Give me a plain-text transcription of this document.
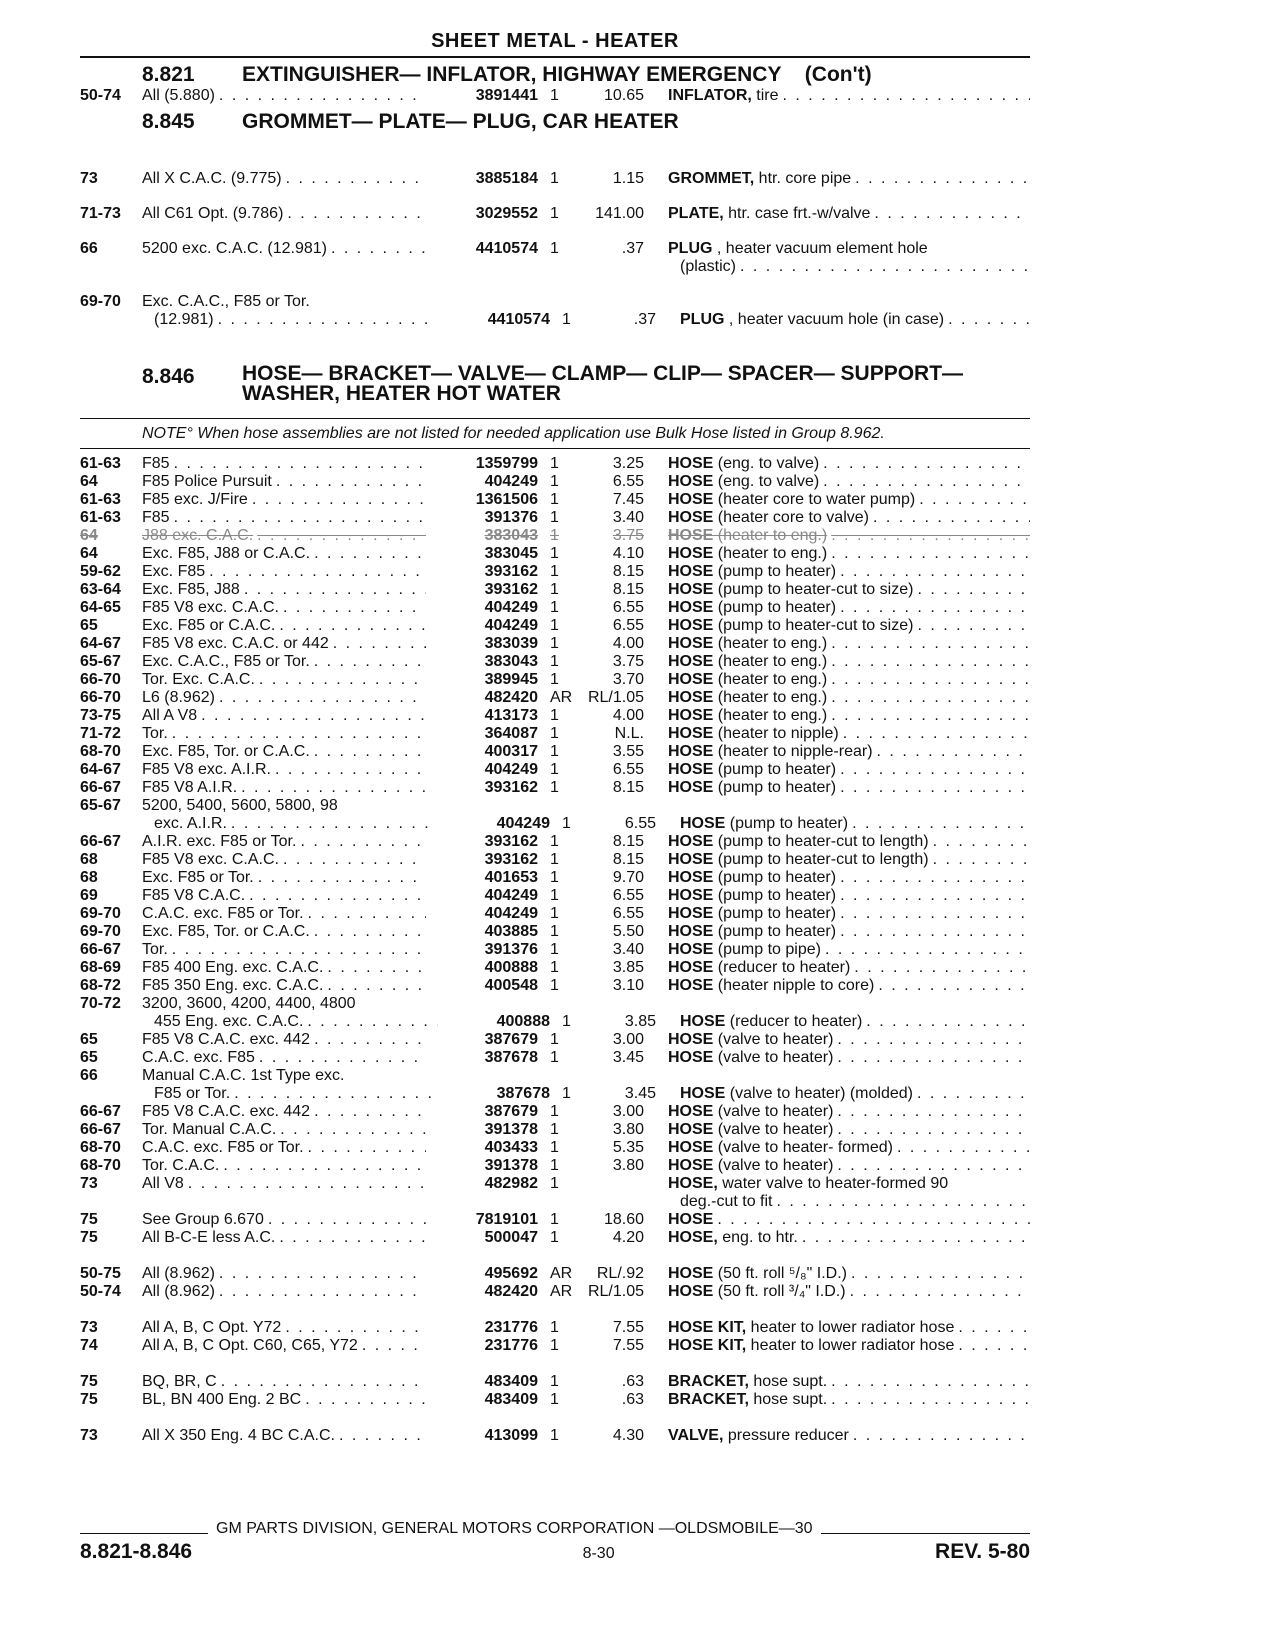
SHEET METAL - HEATER
8.821	EXTINGUISHER— INFLATOR, HIGHWAY EMERGENCY (Con't)
50-74	All (5.880) . . .	3891441 1	10.65 INFLATOR, tire
. . .
8.845	GROMMET— PLATE— PLUG, CAR HEATER
73	All X C.A.C. (9.775) . . .	3885184 1	1.15 GROMMET, htr. core pipe
. . .
71-73	All C61 Opt. (9.786) . . .	3029552 1	141.00 PLATE, htr. case frt.-w/valve
. . .
66	5200 exc. C.A.C. (12.981) . . .	4410574 1	.37 PLUG , heater vacuum element hole
(plastic)
. . .
69-70	Exc. C.A.C., F85 or Tor.
(12.981) . . .	4410574 1	.37 PLUG , heater vacuum hole (in case)
. . .
8.846	HOSE— BRACKET— VALVE— CLAMP— CLIP— SPACER— SUPPORT—
WASHER, HEATER HOT WATER
NOTE° When hose assemblies are not listed for needed application use Bulk Hose listed in Group 8.962.
61-63	F85 . . .	1359799 1	3.25 HOSE (eng. to valve)
. . .
64	F85 Police Pursuit . . .	404249 1	6.55 HOSE (eng. to valve)
. . .
61-63	F85 exc. J/Fire . . .	1361506 1	7.45 HOSE (heater core to water pump)
. . .
61-63	F85 . . .	391376 1	3.40 HOSE (heater core to valve)
. . .
64	J88 exc. C.A.C. . . .	383043 1	3.75 HOSE (heater to eng.)
. . .
64	Exc. F85, J88 or C.A.C. . . .	383045 1	4.10 HOSE (heater to eng.)
. . .
59-62	Exc. F85 . . .	393162 1	8.15 HOSE (pump to heater)
. . .
63-64	Exc. F85, J88 . . .	393162 1	8.15 HOSE (pump to heater-cut to size)
. . .
64-65	F85 V8 exc. C.A.C. . . .	404249 1	6.55 HOSE (pump to heater)
. . .
65	Exc. F85 or C.A.C. . . .	404249 1	6.55 HOSE (pump to heater-cut to size)
. . .
64-67	F85 V8 exc. C.A.C. or 442 . . .	383039 1	4.00 HOSE (heater to eng.)
. . .
65-67	Exc. C.A.C., F85 or Tor. . . .	383043 1	3.75 HOSE (heater to eng.)
. . .
66-70	Tor. Exc. C.A.C. . . .	389945 1	3.70 HOSE (heater to eng.)
. . .
66-70	L6 (8.962) . . .	482420 AR RL/1.05 HOSE (heater to eng.)
. . .
73-75	All A V8 . . .	413173 1	4.00 HOSE (heater to eng.)
. . .
71-72	Tor. . . .	364087 1	N.L. HOSE (heater to nipple)
. . .
68-70	Exc. F85, Tor. or C.A.C. . . .	400317 1	3.55 HOSE (heater to nipple-rear)
. . .
64-67	F85 V8 exc. A.I.R. . . .	404249 1	6.55 HOSE (pump to heater)
. . .
66-67	F85 V8 A.I.R. . . .	393162 1	8.15 HOSE (pump to heater)
. . .
65-67	5200, 5400, 5600, 5800, 98
exc. A.I.R. . . .	404249 1	6.55 HOSE (pump to heater)
. . .
66-67	A.I.R. exc. F85 or Tor. . . .	393162 1	8.15 HOSE (pump to heater-cut to length)
. . .
68	F85 V8 exc. C.A.C. . . .	393162 1	8.15 HOSE (pump to heater-cut to length)
. . .
68	Exc. F85 or Tor. . . .	401653 1	9.70 HOSE (pump to heater)
. . .
69	F85 V8 C.A.C. . . .	404249 1	6.55 HOSE (pump to heater)
. . .
69-70	C.A.C. exc. F85 or Tor. . . .	404249 1	6.55 HOSE (pump to heater)
. . .
69-70	Exc. F85, Tor. or C.A.C. . . .	403885 1	5.50 HOSE (pump to heater)
. . .
66-67	Tor. . . .	391376 1	3.40 HOSE (pump to pipe)
. . .
68-69	F85 400 Eng. exc. C.A.C. . . .	400888 1	3.85 HOSE (reducer to heater)
. . .
68-72	F85 350 Eng. exc. C.A.C. . . .	400548 1	3.10 HOSE (heater nipple to core)
. . .
70-72	3200, 3600, 4200, 4400, 4800
455 Eng. exc. C.A.C. . . .	400888 1	3.85 HOSE (reducer to heater)
. . .
65	F85 V8 C.A.C. exc. 442 . . .	387679 1	3.00 HOSE (valve to heater)
. . .
65	C.A.C. exc. F85 . . .	387678 1	3.45 HOSE (valve to heater)
. . .
66	Manual C.A.C. 1st Type exc.
F85 or Tor. . . .	387678 1	3.45 HOSE (valve to heater) (molded)
. . .
66-67	F85 V8 C.A.C. exc. 442 . . .	387679 1	3.00 HOSE (valve to heater)
. . .
66-67	Tor. Manual C.A.C. . . .	391378 1	3.80 HOSE (valve to heater)
. . .
68-70	C.A.C. exc. F85 or Tor. . . .	403433 1	5.35 HOSE (valve to heater- formed)
. . .
68-70	Tor. C.A.C. . . .	391378 1	3.80 HOSE (valve to heater)
. . .
73	All V8 . . .	482982 1	HOSE, water valve to heater-formed 90
deg.-cut to fit
. . .
75	See Group 6.670 . . .	7819101 1	18.60 HOSE
. . .
75	All B-C-E less A.C. . . .	500047 1	4.20 HOSE, eng. to htr.
. . .
50-75	All (8.962) . . .	495692 AR	RL/.92 HOSE (50 ft. roll ⁵/₈" I.D.)
. . .
50-74	All (8.962) . . .	482420 AR RL/1.05 HOSE (50 ft. roll ³/₄" I.D.)
. . .
73	All A, B, C Opt. Y72 . . .	231776 1	7.55 HOSE KIT, heater to lower radiator hose
. . .
74	All A, B, C Opt. C60, C65, Y72 . . .	231776 1	7.55 HOSE KIT, heater to lower radiator hose
. . .
75	BQ, BR, C . . .	483409 1	.63 BRACKET, hose supt.
. . .
75	BL, BN 400 Eng. 2 BC . . .	483409 1	.63 BRACKET, hose supt.
. . .
73	All X 350 Eng. 4 BC C.A.C. . . .	413099 1	4.30 VALVE, pressure reducer
. . .
GM PARTS DIVISION, GENERAL MOTORS CORPORATION —OLDSMOBILE—30
8.821-8.846	8-30	REV. 5-80
